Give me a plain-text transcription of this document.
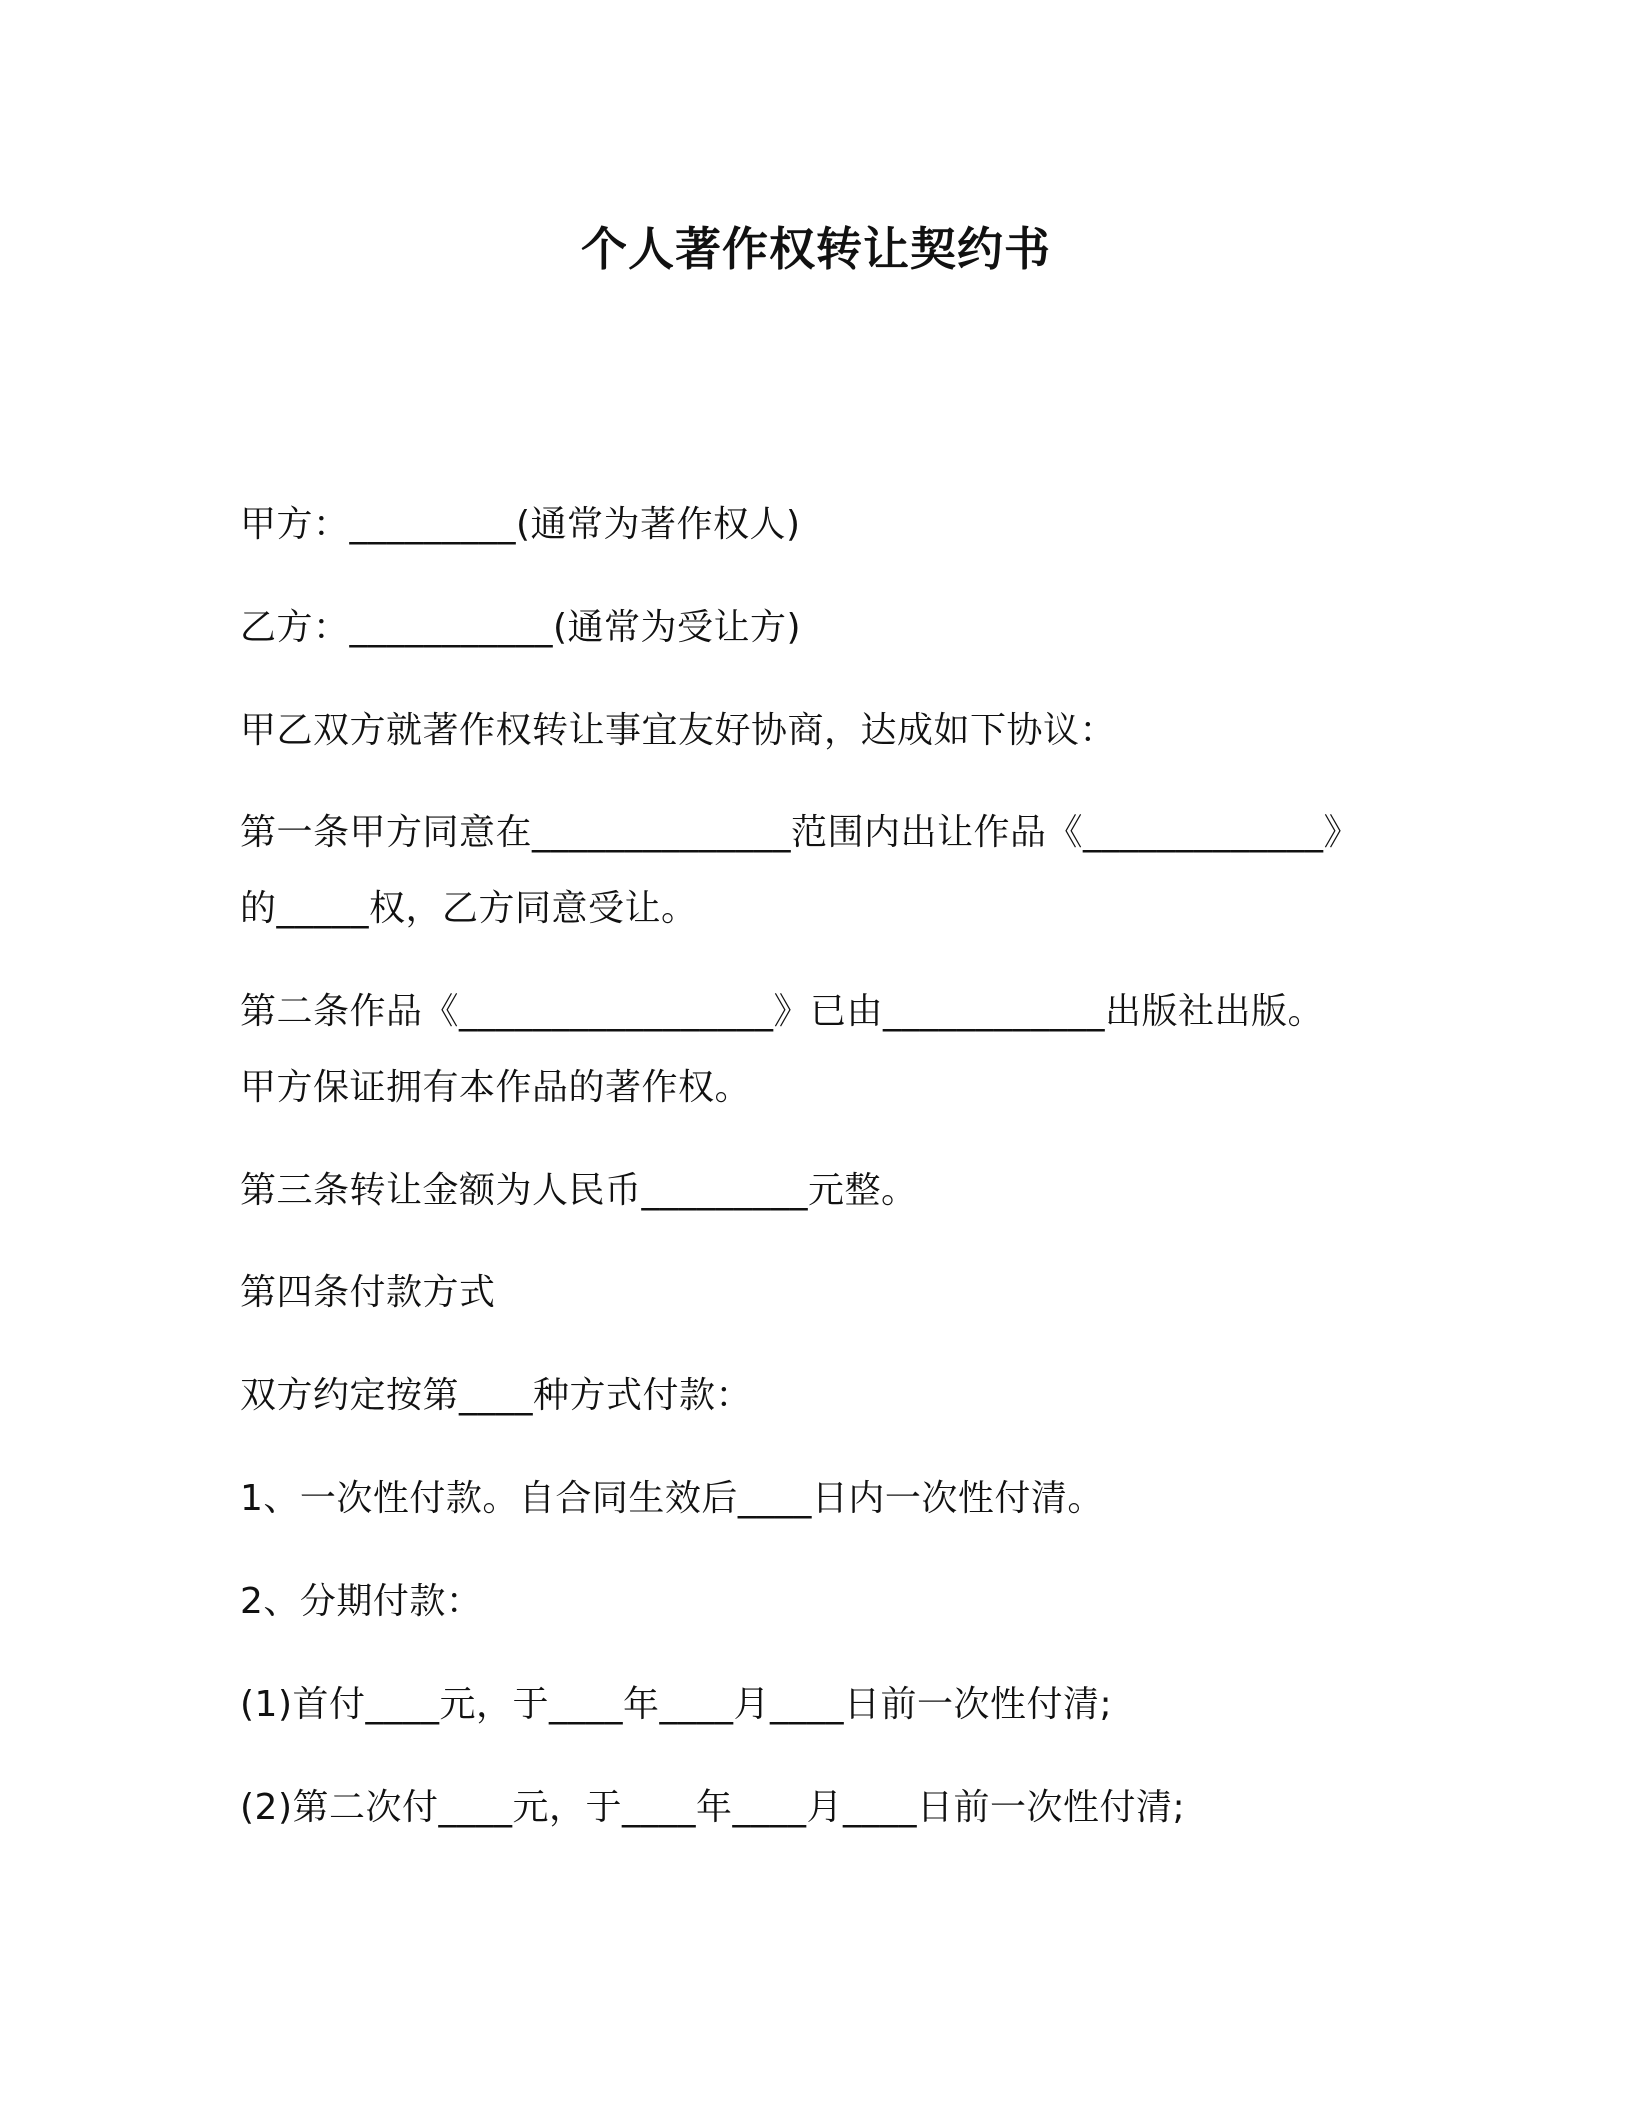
个人著作权转让契约书
甲方：_________(通常为著作权人)
乙方：___________(通常为受让方)
甲乙双方就著作权转让事宜友好协商，达成如下协议：
第一条甲方同意在______________范围内出让作品《_____________》
的_____权，乙方同意受让。
第二条作品《_________________》已由____________出版社出版。
甲方保证拥有本作品的著作权。
第三条转让金额为人民币_________元整。
第四条付款方式
双方约定按第____种方式付款：
1、一次性付款。自合同生效后____日内一次性付清。
2、分期付款：
(1)首付____元，于____年____月____日前一次性付清;
(2)第二次付____元，于____年____月____日前一次性付清;
